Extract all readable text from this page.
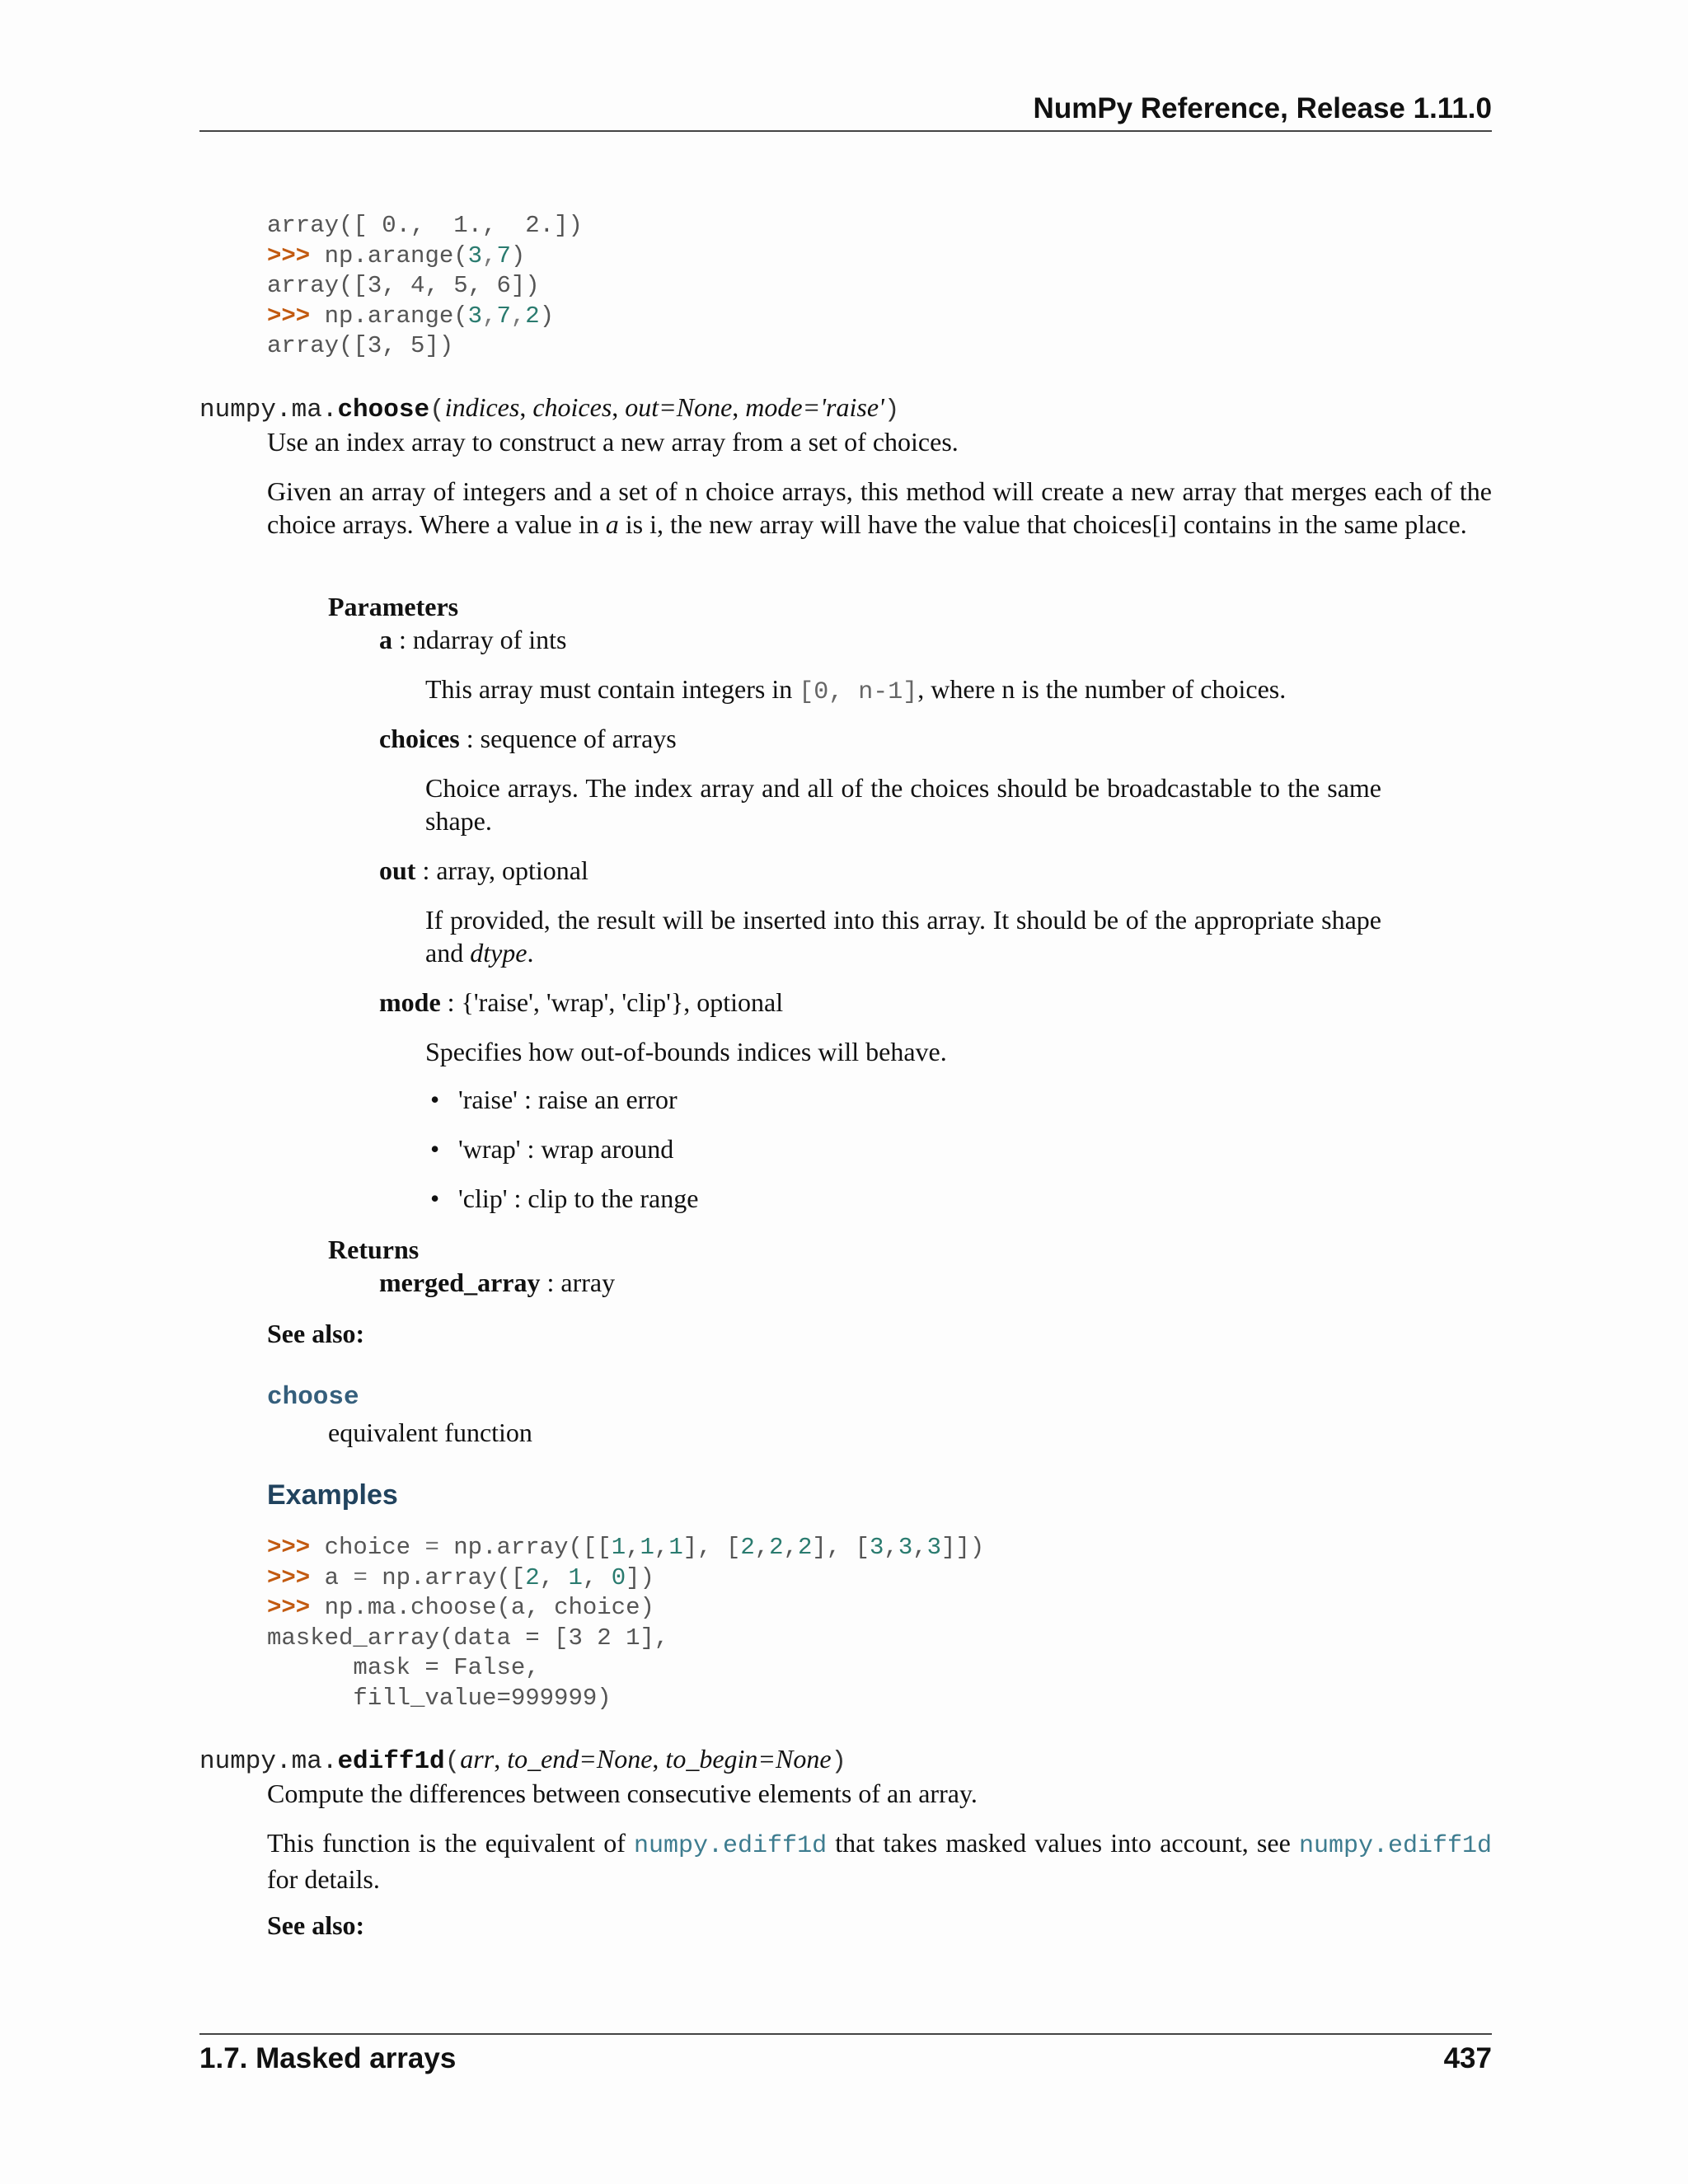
NumPy Reference, Release 1.11.0
array([ 0.,  1.,  2.])
>>> np.arange(3,7)
array([3, 4, 5, 6])
>>> np.arange(3,7,2)
array([3, 5])
numpy.ma.choose(indices, choices, out=None, mode='raise')

Use an index array to construct a new array from a set of choices.

Given an array of integers and a set of n choice arrays, this method will create a new array that merges each of the choice arrays. Where a value in a is i, the new array will have the value that choices[i] contains in the same place.

Parameters

a : ndarray of ints

This array must contain integers in [0, n-1], where n is the number of choices.

choices : sequence of arrays

Choice arrays. The index array and all of the choices should be broadcastable to the same shape.

out : array, optional

If provided, the result will be inserted into this array. It should be of the appropriate shape and dtype.

mode : {'raise', 'wrap', 'clip'}, optional

Specifies how out-of-bounds indices will behave.

• 'raise' : raise an error
• 'wrap' : wrap around
• 'clip' : clip to the range

Returns

merged_array : array

See also:

choose

equivalent function

Examples
>>> choice = np.array([[1,1,1], [2,2,2], [3,3,3]])
>>> a = np.array([2, 1, 0])
>>> np.ma.choose(a, choice)
masked_array(data = [3 2 1],
mask = False,
fill_value=999999)
numpy.ma.ediff1d(arr, to_end=None, to_begin=None)

Compute the differences between consecutive elements of an array.

This function is the equivalent of numpy.ediff1d that takes masked values into account, see numpy.ediff1d for details.

See also:

1.7. Masked arrays	437
